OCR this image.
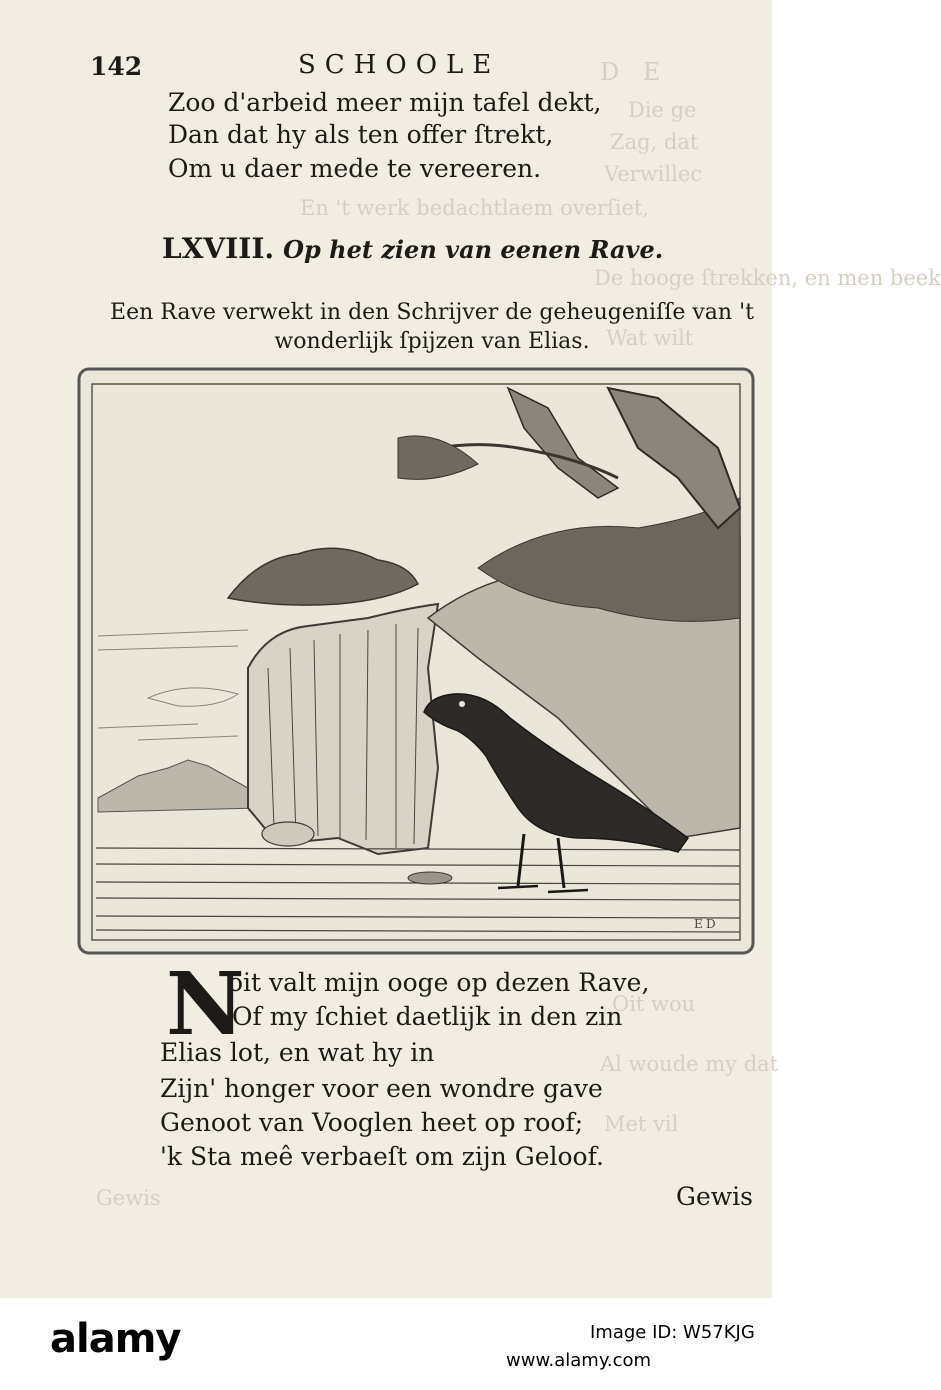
D E
Die ge
Zag, dat
Verwillec
En 't werk bedachtlaem overſiet,
De hooge ſtrekken, en men beek
Wat wilt
Oit wou
Al woude my dat
Met vil
Gewis
142	SCHOOLE
Zoo d'arbeid meer mijn tafel dekt,
Dan dat hy als ten offer ſtrekt,
Om u daer mede te vereeren.
LXVIII. Op het zien van eenen Rave.
Een Rave verwekt in den Schrijver de geheugeniſſe van 't
wonderlijk ſpijzen van Elias.
E D
N
oit valt mijn ooge op dezen Rave,
Of my ſchiet daetlijk in den zin
Elias lot, en wat hy in
Zijn' honger voor een wondre gave
Genoot van Vooglen heet op roof;
'k Sta meê verbaeſt om zijn Geloof.
Gewis
alamy	Image ID: W57KJG
www.alamy.com
